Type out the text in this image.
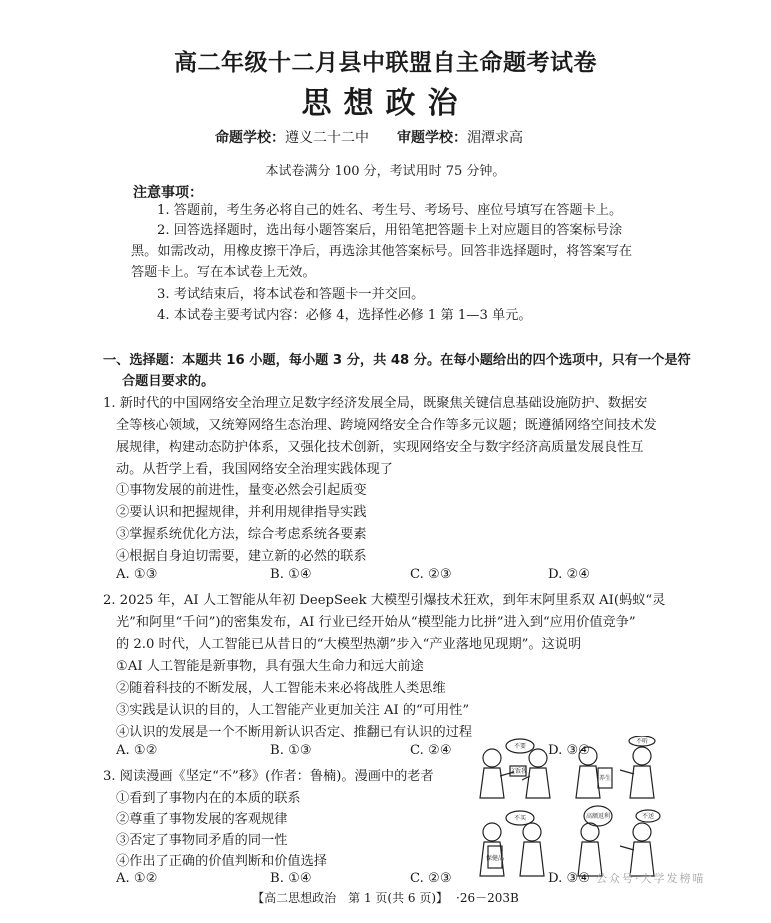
高二年级十二月县中联盟自主命题考试卷
思想政治
命题学校：遵义二十二中 审题学校：湄潭求高
本试卷满分 100 分，考试用时 75 分钟。
注意事项：
1. 答题前，考生务必将自己的姓名、考生号、考场号、座位号填写在答题卡上。
2. 回答选择题时，选出每小题答案后，用铅笔把答题卡上对应题目的答案标号涂
黑。如需改动，用橡皮擦干净后，再选涂其他答案标号。回答非选择题时，将答案写在
答题卡上。写在本试卷上无效。
3. 考试结束后，将本试卷和答题卡一并交回。
4. 本试卷主要考试内容：必修 4，选择性必修 1 第 1—3 单元。
一、选择题：本题共 16 小题，每小题 3 分，共 48 分。在每小题给出的四个选项中，只有一个是符
合题目要求的。
1. 新时代的中国网络安全治理立足数字经济发展全局，既聚焦关键信息基础设施防护、数据安
全等核心领域，又统筹网络生态治理、跨境网络安全合作等多元议题；既遵循网络空间技术发
展规律，构建动态防护体系，又强化技术创新，实现网络安全与数字经济高质量发展良性互
动。从哲学上看，我国网络安全治理实践体现了
①事物发展的前进性，量变必然会引起质变
②要认识和把握规律，并利用规律指导实践
③掌握系统优化方法，综合考虑系统各要素
④根据自身迫切需要，建立新的必然的联系
A. ①③	B. ①④	C. ②③	D. ②④
2. 2025 年，AI 人工智能从年初 DeepSeek 大模型引爆技术狂欢，到年末阿里系双 AI(蚂蚁“灵
光”和阿里“千问”)的密集发布，AI 行业已经开始从“模型能力比拼”进入到“应用价值竞争”
的 2.0 时代，人工智能已从昔日的“大模型热潮”步入“产业落地见现期”。这说明
①AI 人工智能是新事物，具有强大生命力和远大前途
②随着科技的不断发展，人工智能未来必将战胜人类思维
③实践是认识的目的，人工智能产业更加关注 AI 的“可用性”
④认识的发展是一个不断用新认识否定、推翻已有认识的过程
A. ①②	B. ①③	C. ②④	D. ③④
3. 阅读漫画《坚定“不”移》(作者：鲁楠)。漫画中的老者
①看到了事物内在的本质的联系
②尊重了事物发展的客观规律
③否定了事物同矛盾的同一性
④作出了正确的价值判断和价值选择
A. ①②	B. ①④	C. ②③	D. ③④
不要
不听
不买	不送
这饭我
养生
保健品
高额返利
【高二思想政治　第 1 页(共 6 页)】 ·26－203B
公众号·大学发榜喵
